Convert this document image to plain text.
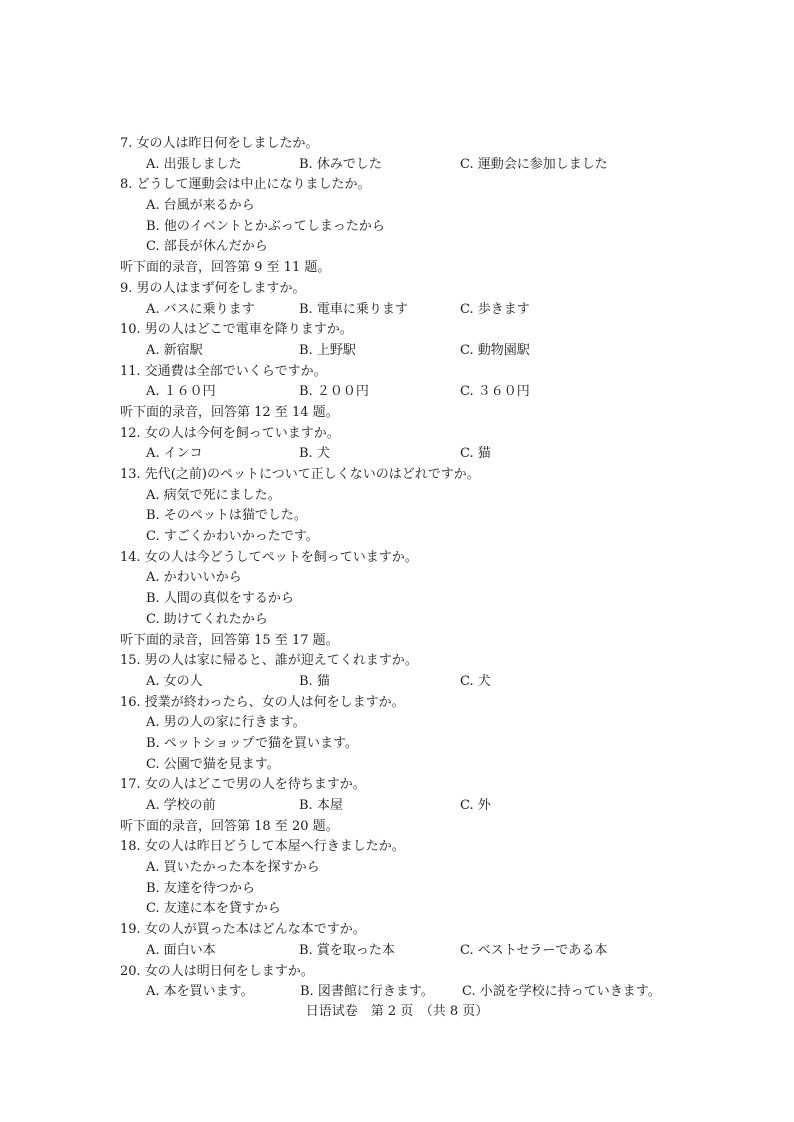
7. 女の人は昨日何をしましたか。
A. 出張しました	B. 休みでした	C. 運動会に参加しました
8. どうして運動会は中止になりましたか。
A. 台風が来るから
B. 他のイベントとかぶってしまったから
C. 部長が休んだから
听下面的录音，回答第 9 至 11 题。
9. 男の人はまず何をしますか。
A. バスに乗ります	B. 電車に乗ります	C. 歩きます
10. 男の人はどこで電車を降りますか。
A. 新宿駅	B. 上野駅	C. 動物園駅
11. 交通費は全部でいくらですか。
A. １６０円	B. ２００円	C. ３６０円
听下面的录音，回答第 12 至 14 题。
12. 女の人は今何を飼っていますか。
A. インコ	B. 犬	C. 猫
13. 先代(之前)のペットについて正しくないのはどれですか。
A. 病気で死にました。
B. そのペットは猫でした。
C. すごくかわいかったです。
14. 女の人は今どうしてペットを飼っていますか。
A. かわいいから
B. 人間の真似をするから
C. 助けてくれたから
听下面的录音，回答第 15 至 17 题。
15. 男の人は家に帰ると、誰が迎えてくれますか。
A. 女の人	B. 猫	C. 犬
16. 授業が終わったら、女の人は何をしますか。
A. 男の人の家に行きます。
B. ペットショップで猫を買います。
C. 公園で猫を見ます。
17. 女の人はどこで男の人を待ちますか。
A. 学校の前	B. 本屋	C. 外
听下面的录音，回答第 18 至 20 题。
18. 女の人は昨日どうして本屋へ行きましたか。
A. 買いたかった本を探すから
B. 友達を待つから
C. 友達に本を貸すから
19. 女の人が買った本はどんな本ですか。
A. 面白い本	B. 賞を取った本	C. ベストセラーである本
20. 女の人は明日何をしますか。
A. 本を買います。	B. 図書館に行きます。 C. 小説を学校に持っていきます。
日语试卷　第 2 页　（共 8 页）
